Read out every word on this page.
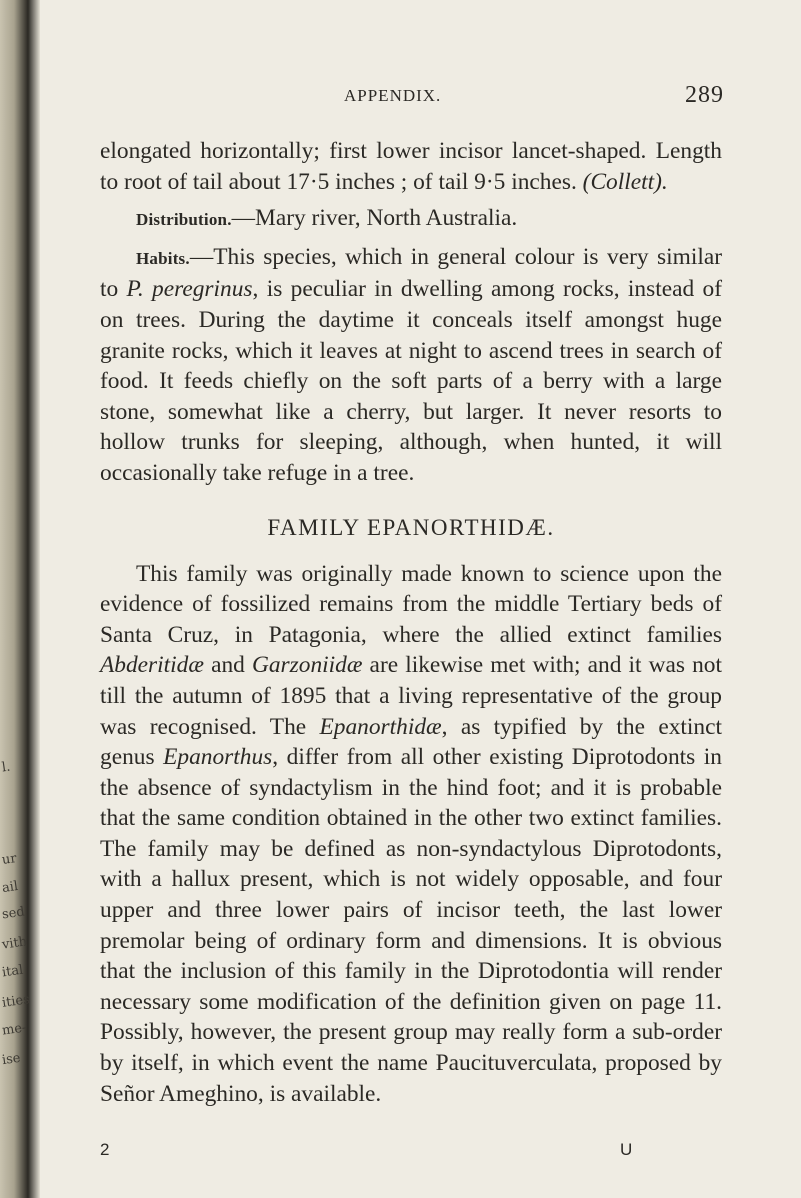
l.
ur
ail
sed
vith
ital
ities
me-
ise
APPENDIX.	289

elongated horizontally; first lower incisor lancet-shaped. Length to root of tail about 17·5 inches ; of tail 9·5 inches. (Collett).

Distribution.—Mary river, North Australia.

Habits.—This species, which in general colour is very similar to P. peregrinus, is peculiar in dwelling among rocks, instead of on trees. During the daytime it conceals itself amongst huge granite rocks, which it leaves at night to ascend trees in search of food. It feeds chiefly on the soft parts of a berry with a large stone, somewhat like a cherry, but larger. It never resorts to hollow trunks for sleeping, although, when hunted, it will occasionally take refuge in a tree.

FAMILY EPANORTHIDÆ.

This family was originally made known to science upon the evidence of fossilized remains from the middle Tertiary beds of Santa Cruz, in Patagonia, where the allied extinct families Abderitidæ and Garzoniidæ are likewise met with; and it was not till the autumn of 1895 that a living representative of the group was recognised. The Epanorthidæ, as typified by the extinct genus Epanorthus, differ from all other existing Diprotodonts in the absence of syndactylism in the hind foot; and it is probable that the same condition obtained in the other two extinct families. The family may be defined as non-syndactylous Diprotodonts, with a hallux present, which is not widely opposable, and four upper and three lower pairs of incisor teeth, the last lower premolar being of ordinary form and dimensions. It is obvious that the inclusion of this family in the Diprotodontia will render necessary some modification of the definition given on page 11. Possibly, however, the present group may really form a sub-order by itself, in which event the name Paucituverculata, proposed by Señor Ameghino, is available.

2	U
